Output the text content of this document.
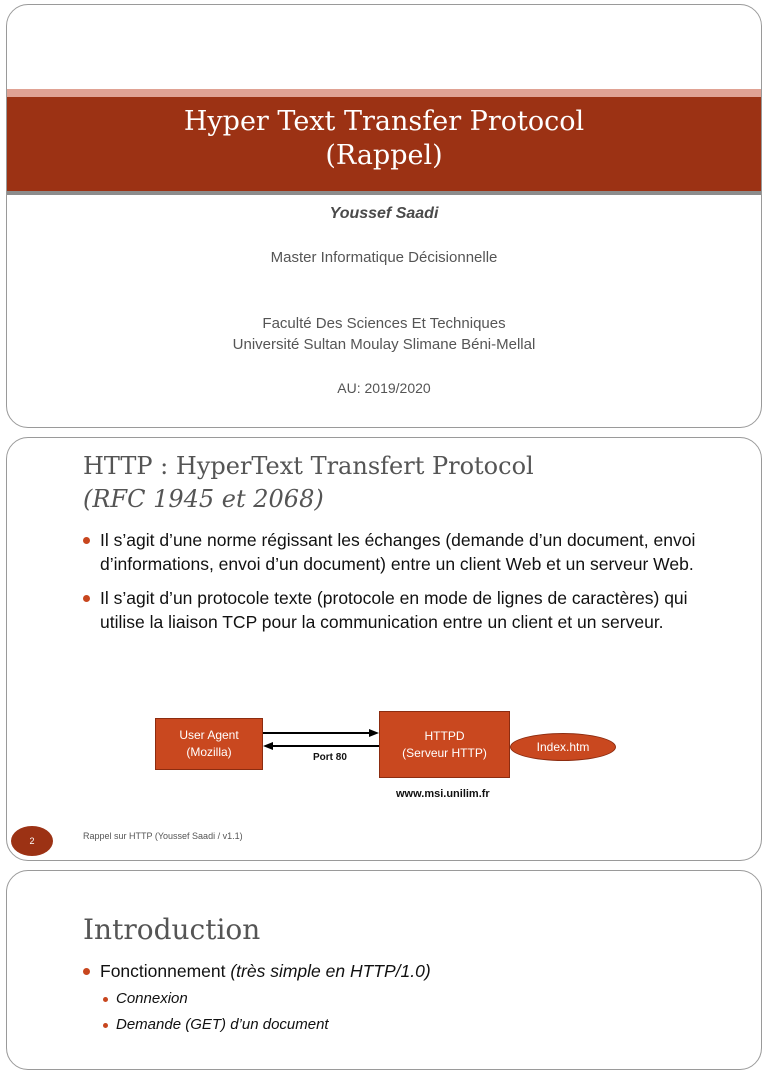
Hyper Text Transfer Protocol
(Rappel)
Youssef Saadi
Master Informatique Décisionnelle
Faculté Des Sciences Et Techniques
Université Sultan Moulay Slimane Béni-Mellal
AU: 2019/2020
HTTP : HyperText Transfert Protocol
(RFC 1945 et 2068)
Il s’agit d’une norme régissant les échanges (demande d’un document, envoi d’informations, envoi d’un document) entre un client Web et un serveur Web.
Il s’agit d’un protocole texte (protocole en mode de lignes de caractères) qui utilise la liaison TCP pour la communication entre un client et un serveur.
User Agent
(Mozilla)	Port 80
HTTPD
(Serveur HTTP)	Index.htm
www.msi.unilim.fr
2	Rappel sur HTTP (Youssef Saadi / v1.1)
Introduction
Fonctionnement (très simple en HTTP/1.0)
Connexion
Demande (GET) d’un document
